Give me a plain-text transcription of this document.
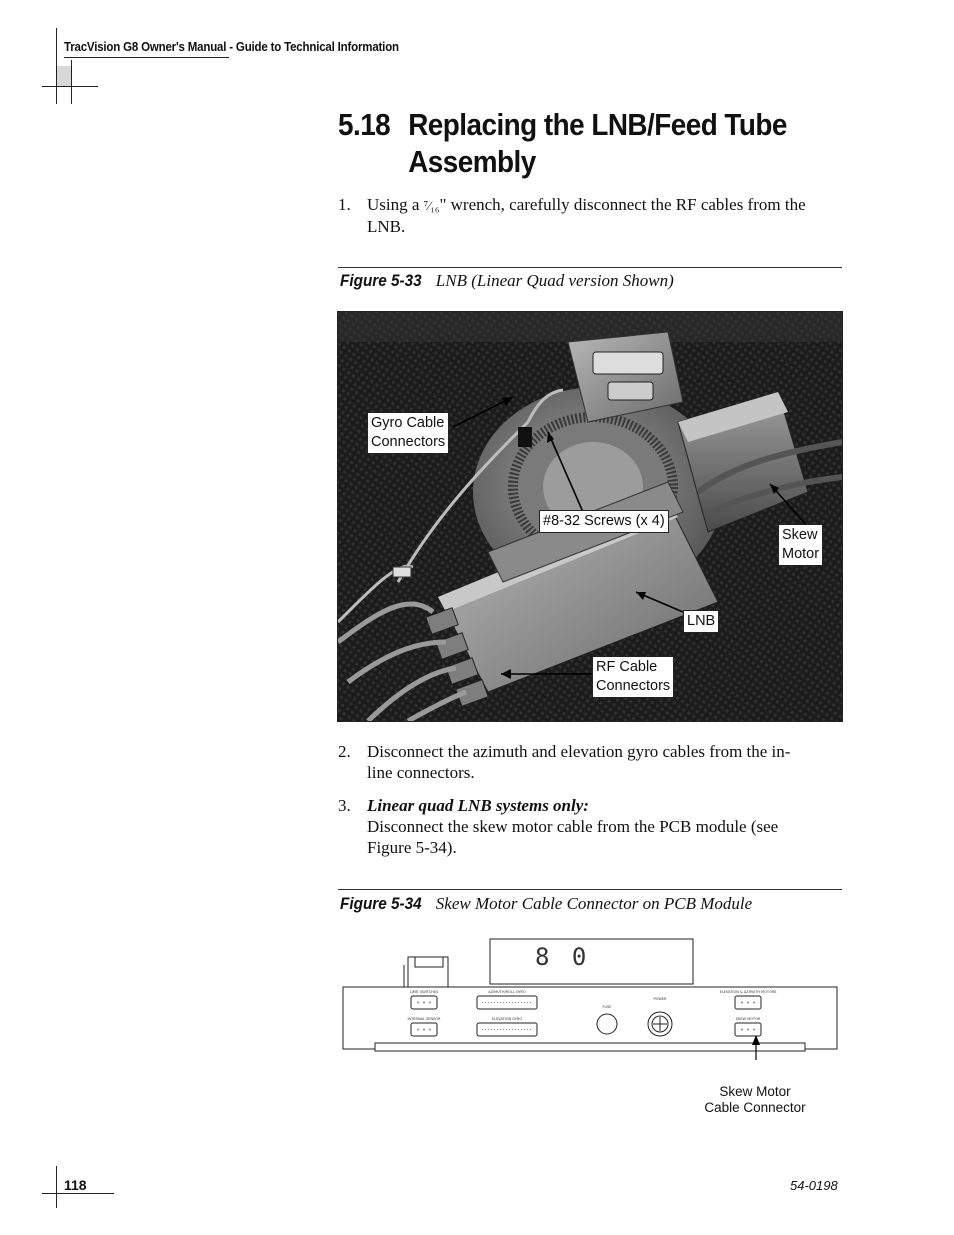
TracVision G8 Owner's Manual - Guide to Technical Information
5.18 Replacing the LNB/Feed Tube
Assembly
1. Using a ⁷⁄₁₆" wrench, carefully disconnect the RF cables from the LNB.
Figure 5-33 LNB (Linear Quad version Shown)
Gyro Cable
Connectors
#8-32 Screws (x 4)
Skew
Motor
LNB
RF Cable
Connectors
2. Disconnect the azimuth and elevation gyro cables from the in-line connectors.
3. Linear quad LNB systems only:
Disconnect the skew motor cable from the PCB module (see Figure 5-34).
Figure 5-34 Skew Motor Cable Connector on PCB Module
LIMIT SWITCHES	AZIMUTH/ROLL GYRO	ELEVATION & AZIMUTH MOTORS
INTERNAL SENSOR	ELEVATION GYRO
FUSE
POWER
SKEW MOTOR
8 0
Skew Motor
Cable Connector
118	54-0198
